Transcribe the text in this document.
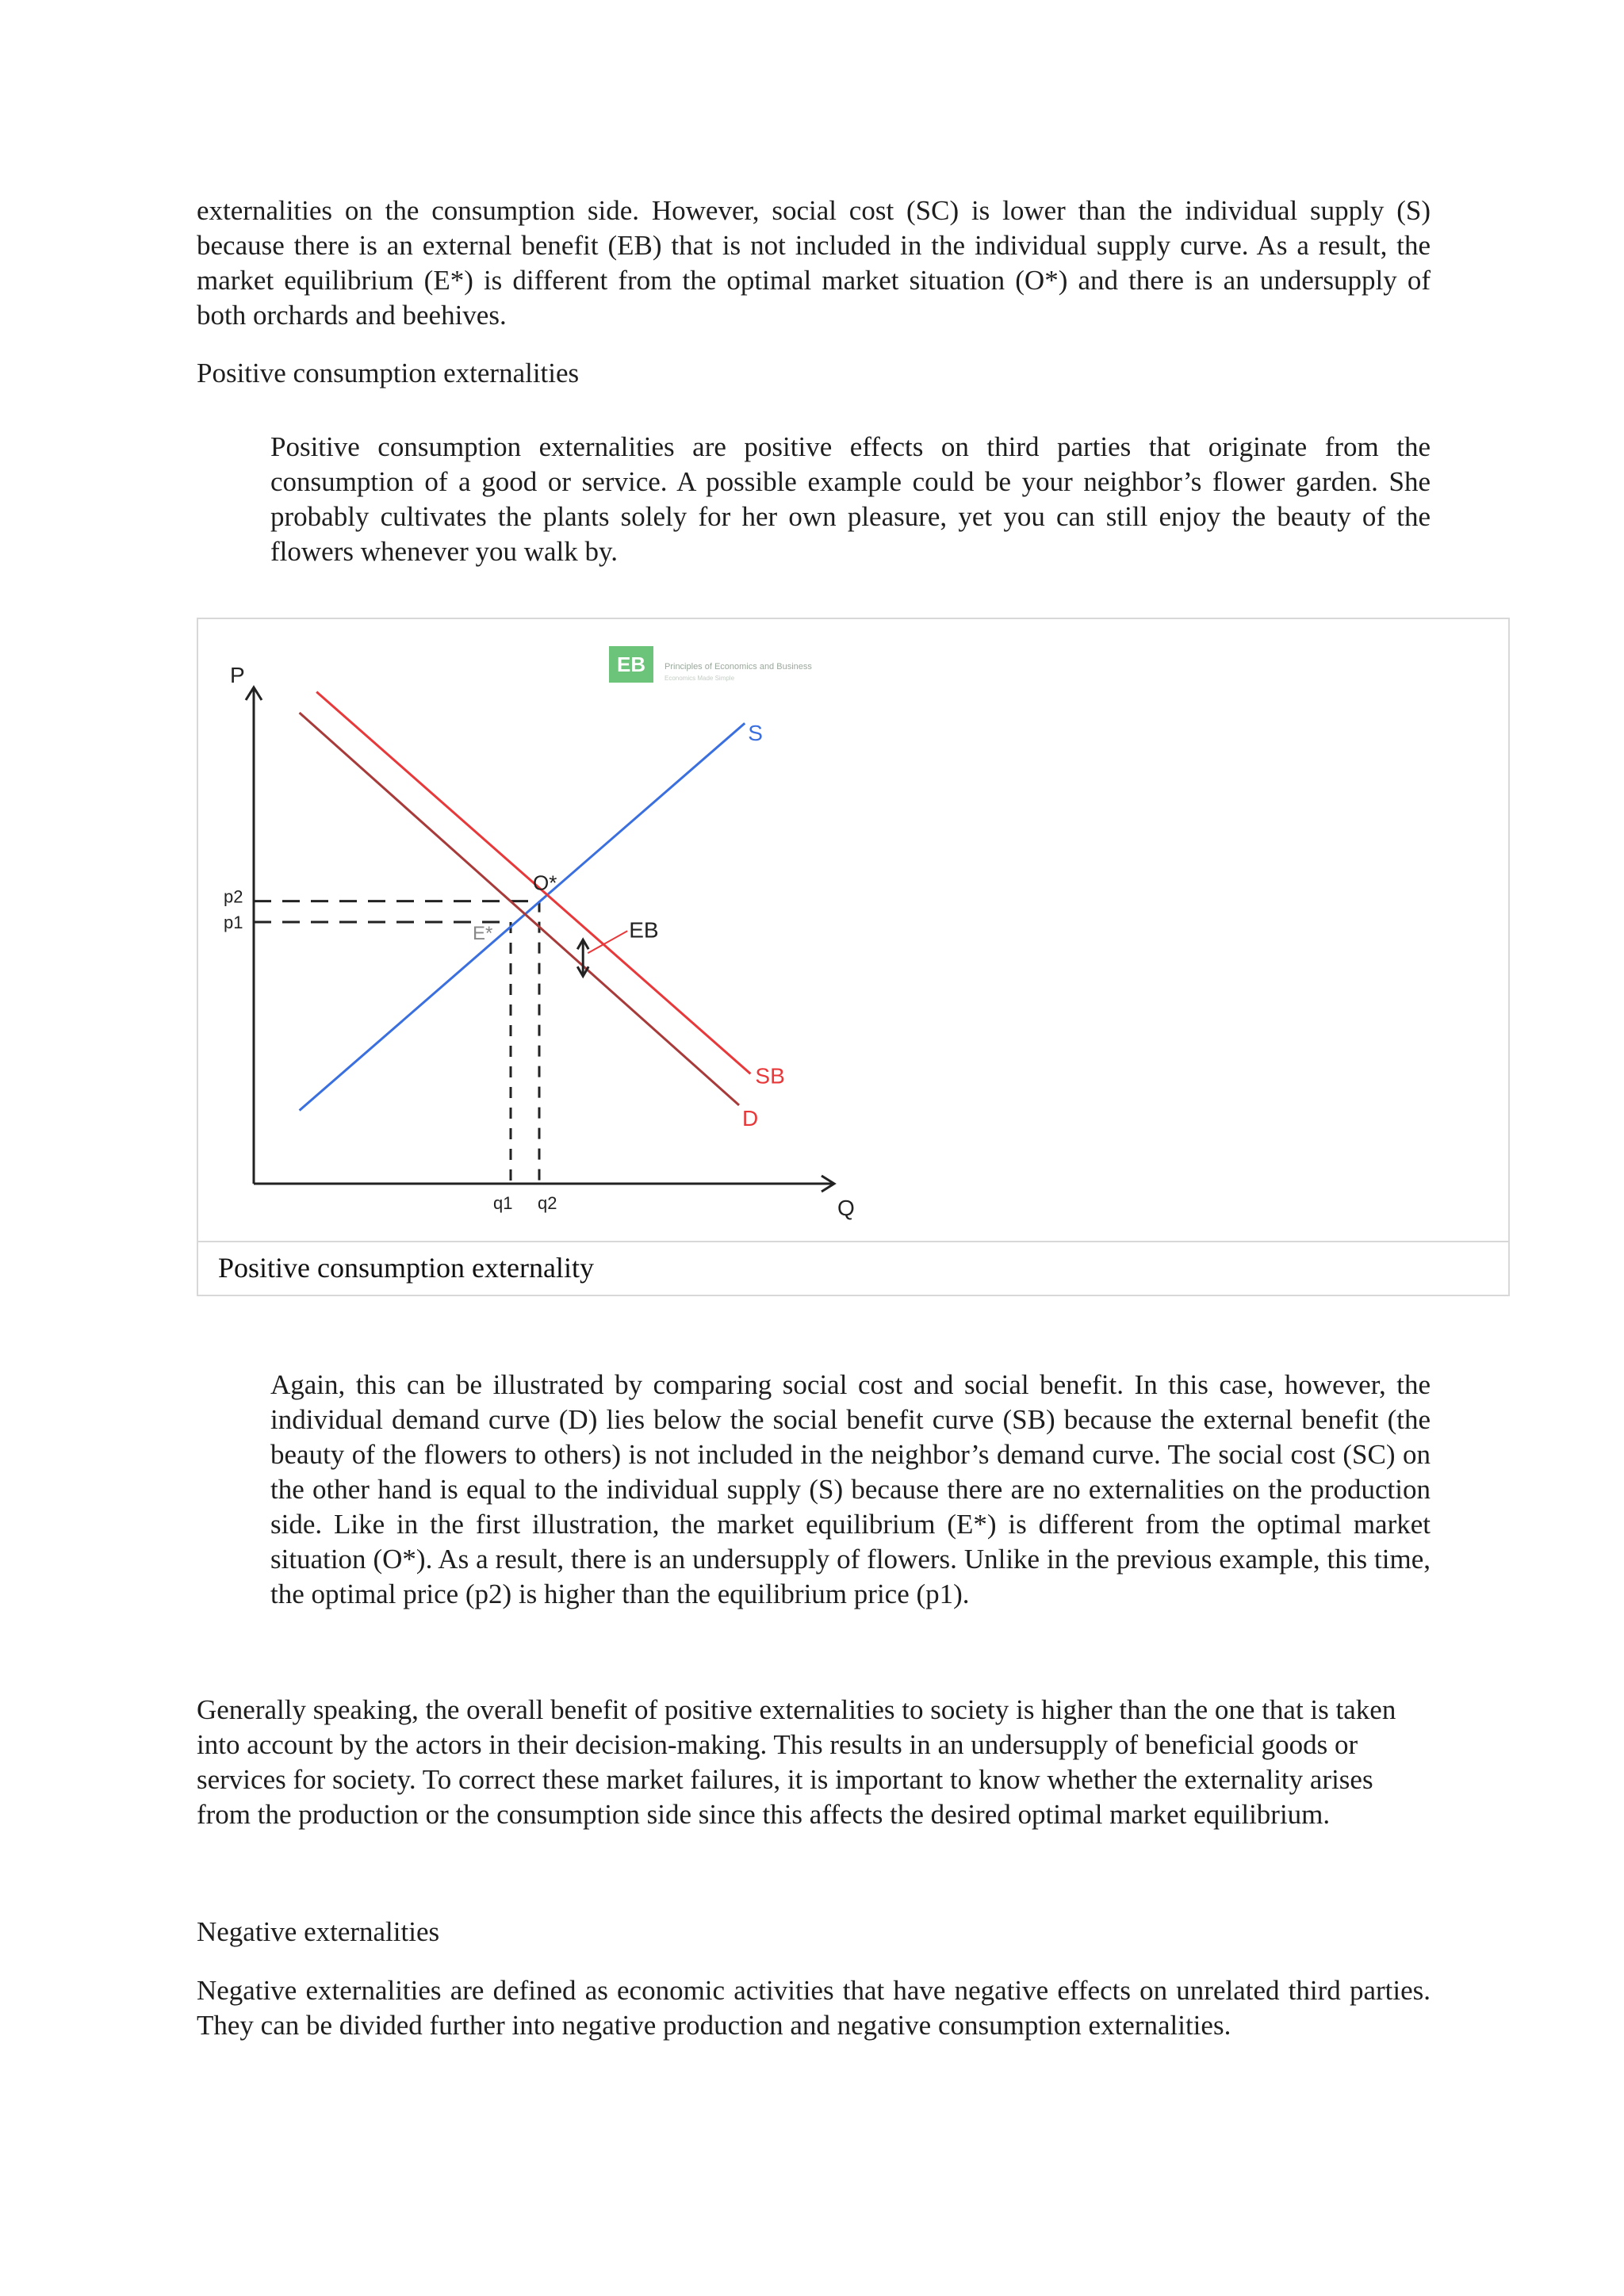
externalities on the consumption side. However, social cost (SC) is lower than the individual supply (S) because there is an external benefit (EB) that is not included in the individual supply curve. As a result, the market equilibrium (E*) is different from the optimal market situation (O*) and there is an undersupply of both orchards and beehives.

Positive consumption externalities

Positive consumption externalities are positive effects on third parties that originate from the consumption of a good or service. A possible example could be your neighbor’s flower garden. She probably cultivates the plants solely for her own pleasure, yet you can still enjoy the beauty of the flowers whenever you walk by.

EB Principles of Economics and Business
Economics Made Simple
P
Q
S
SB
D
E*
O*
EB
p1
p2
q1 q2
Positive consumption externality

Again, this can be illustrated by comparing social cost and social benefit. In this case, however, the individual demand curve (D) lies below the social benefit curve (SB) because the external benefit (the beauty of the flowers to others) is not included in the neighbor’s demand curve. The social cost (SC) on the other hand is equal to the individual supply (S) because there are no externalities on the production side. Like in the first illustration, the market equilibrium (E*) is different from the optimal market situation (O*). As a result, there is an undersupply of flowers. Unlike in the previous example, this time, the optimal price (p2) is higher than the equilibrium price (p1).

Generally speaking, the overall benefit of positive externalities to society is higher than the one that is taken into account by the actors in their decision-making. This results in an undersupply of beneficial goods or services for society. To correct these market failures, it is important to know whether the externality arises from the production or the consumption side since this affects the desired optimal market equilibrium.

Negative externalities

Negative externalities are defined as economic activities that have negative effects on unrelated third parties. They can be divided further into negative production and negative consumption externalities.
